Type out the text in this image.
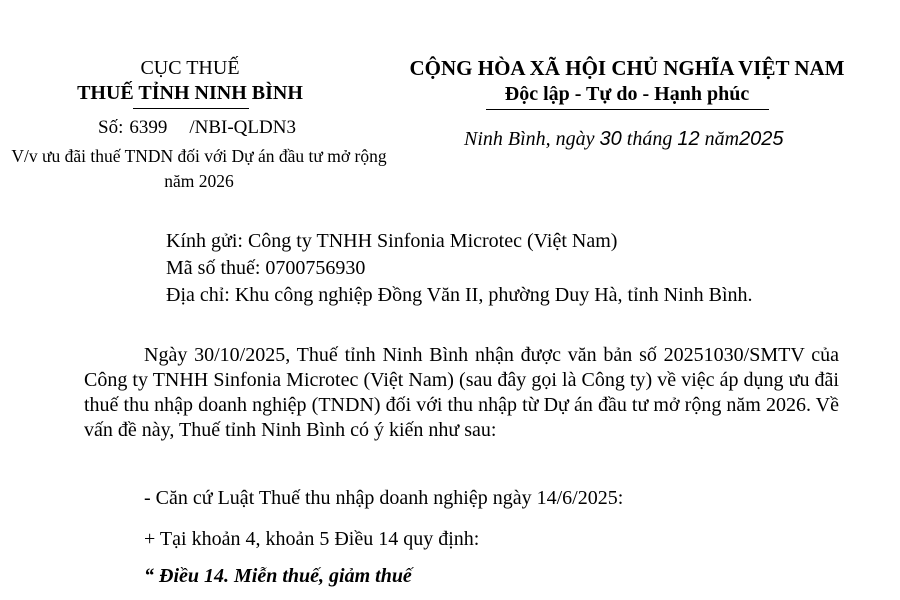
CỤC THUẾ
THUẾ TỈNH NINH BÌNH
Số: 6399 /NBI-QLDN3
V/v ưu đãi thuế TNDN đối với Dự án đầu tư mở rộng năm 2026
CỘNG HÒA XÃ HỘI CHỦ NGHĨA VIỆT NAM
Độc lập - Tự do - Hạnh phúc
Ninh Bình, ngày 30 tháng 12 năm2025
Kính gửi: Công ty TNHH Sinfonia Microtec (Việt Nam)
Mã số thuế: 0700756930
Địa chỉ: Khu công nghiệp Đồng Văn II, phường Duy Hà, tỉnh Ninh Bình.
Ngày 30/10/2025, Thuế tỉnh Ninh Bình nhận được văn bản số 20251030/SMTV của Công ty TNHH Sinfonia Microtec (Việt Nam) (sau đây gọi là Công ty) về việc áp dụng ưu đãi thuế thu nhập doanh nghiệp (TNDN) đối với thu nhập từ Dự án đầu tư mở rộng năm 2026. Về vấn đề này, Thuế tỉnh Ninh Bình có ý kiến như sau:
- Căn cứ Luật Thuế thu nhập doanh nghiệp ngày 14/6/2025:
+ Tại khoản 4, khoản 5 Điều 14 quy định:
“ Điều 14. Miễn thuế, giảm thuế
